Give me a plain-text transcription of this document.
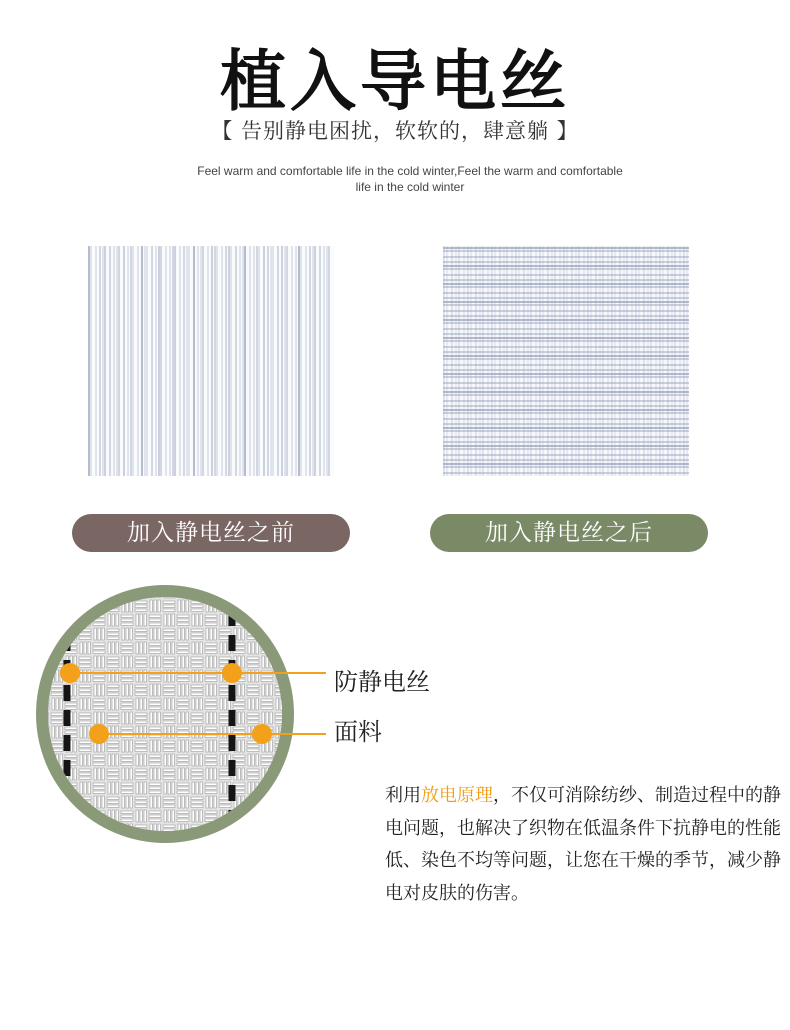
植入导电丝
【 告别静电困扰，软软的，肆意躺 】
Feel warm and comfortable life in the cold winter,Feel the warm and comfortable life in the cold winter
加入静电丝之前	加入静电丝之后
防静电丝
面料
利用放电原理，不仅可消除纺纱、制造过程中的静电问题，也解决了织物在低温条件下抗静电的性能低、染色不均等问题，让您在干燥的季节，减少静电对皮肤的伤害。
